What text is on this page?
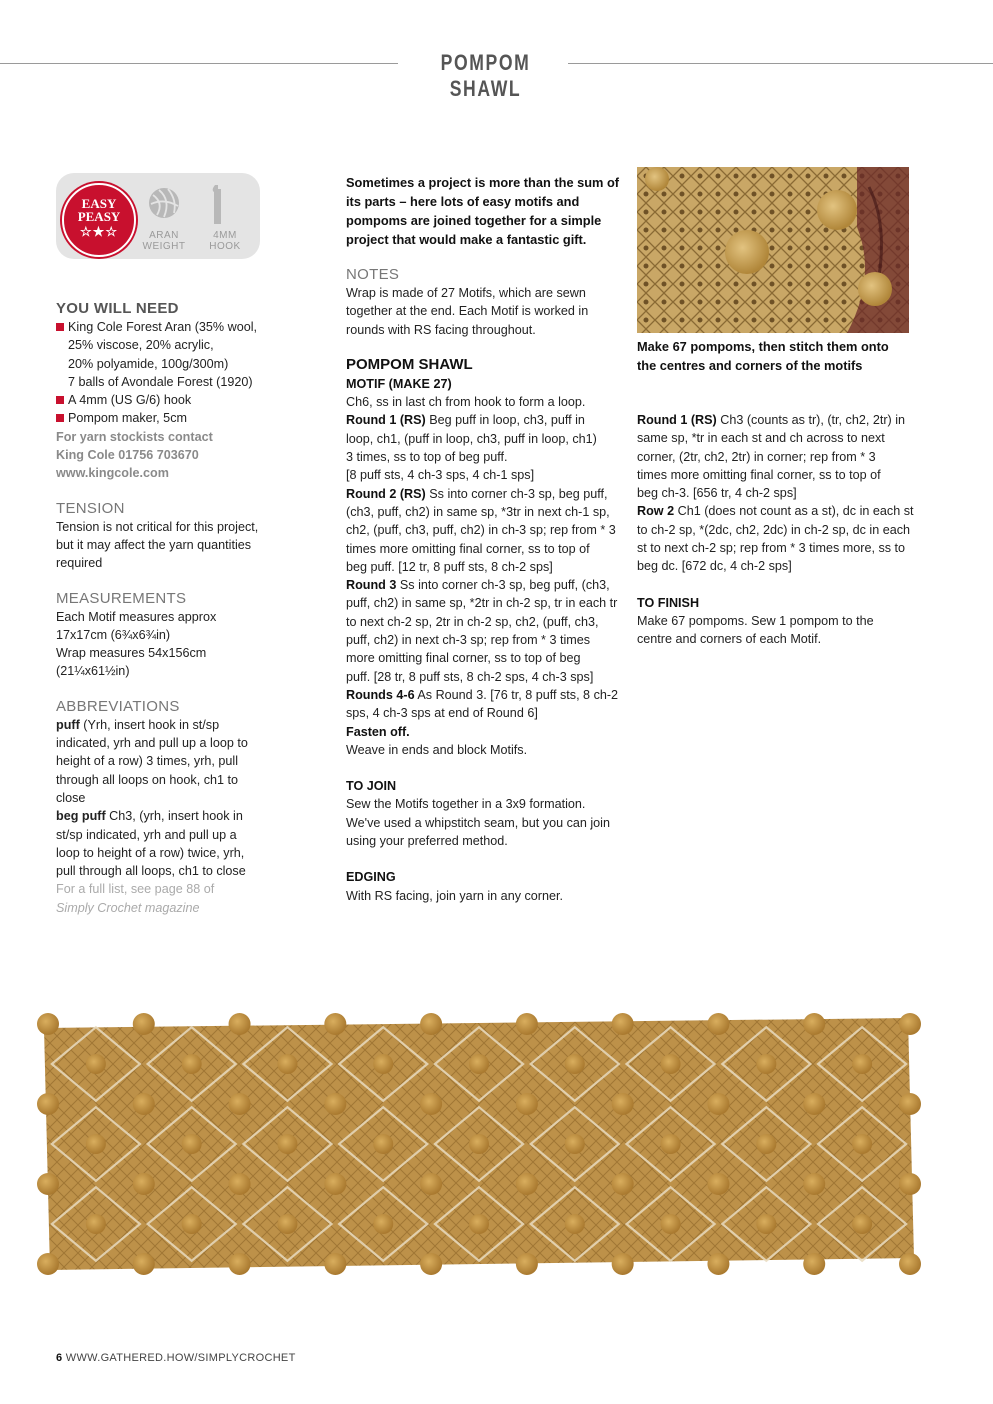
POMPOM SHAWL
EASY
PEASY
☆★☆	ARAN
WEIGHT
4MM
HOOK
YOU WILL NEED

King Cole Forest Aran (35% wool,

25% viscose, 20% acrylic,

20% polyamide, 100g/300m)

7 balls of Avondale Forest (1920)

A 4mm (US G/6) hook

Pompom maker, 5cm

For yarn stockists contact

King Cole 01756 703670

www.kingcole.com

TENSION

Tension is not critical for this project,

but it may affect the yarn quantities

required

MEASUREMENTS

Each Motif measures approx

17x17cm (6¾x6¾in)

Wrap measures 54x156cm

(21¼x61½in)

ABBREVIATIONS

puff (Yrh, insert hook in st/sp

indicated, yrh and pull up a loop to

height of a row) 3 times, yrh, pull

through all loops on hook, ch1 to

close

beg puff Ch3, (yrh, insert hook in

st/sp indicated, yrh and pull up a

loop to height of a row) twice, yrh,

pull through all loops, ch1 to close

For a full list, see page 88 of

Simply Crochet magazine

Sometimes a project is more than the sum of

its parts – here lots of easy motifs and

pompoms are joined together for a simple

project that would make a fantastic gift.

NOTES

Wrap is made of 27 Motifs, which are sewn

together at the end. Each Motif is worked in

rounds with RS facing throughout.

POMPOM SHAWL

MOTIF (MAKE 27)

Ch6, ss in last ch from hook to form a loop.

Round 1 (RS) Beg puff in loop, ch3, puff in

loop, ch1, (puff in loop, ch3, puff in loop, ch1)

3 times, ss to top of beg puff.

[8 puff sts, 4 ch-3 sps, 4 ch-1 sps]

Round 2 (RS) Ss into corner ch-3 sp, beg puff,

(ch3, puff, ch2) in same sp, *3tr in next ch-1 sp,

ch2, (puff, ch3, puff, ch2) in ch-3 sp; rep from * 3

times more omitting final corner, ss to top of

beg puff. [12 tr, 8 puff sts, 8 ch-2 sps]

Round 3 Ss into corner ch-3 sp, beg puff, (ch3,

puff, ch2) in same sp, *2tr in ch-2 sp, tr in each tr

to next ch-2 sp, 2tr in ch-2 sp, ch2, (puff, ch3,

puff, ch2) in next ch-3 sp; rep from * 3 times

more omitting final corner, ss to top of beg

puff. [28 tr, 8 puff sts, 8 ch-2 sps, 4 ch-3 sps]

Rounds 4-6 As Round 3. [76 tr, 8 puff sts, 8 ch-2

sps, 4 ch-3 sps at end of Round 6]

Fasten off.

Weave in ends and block Motifs.

TO JOIN

Sew the Motifs together in a 3x9 formation.

We've used a whipstitch seam, but you can join

using your preferred method.

EDGING

With RS facing, join yarn in any corner.

Make 67 pompoms, then stitch them onto
the centres and corners of the motifs

Round 1 (RS) Ch3 (counts as tr), (tr, ch2, 2tr) in

same sp, *tr in each st and ch across to next

corner, (2tr, ch2, 2tr) in corner; rep from * 3

times more omitting final corner, ss to top of

beg ch-3. [656 tr, 4 ch-2 sps]

Row 2 Ch1 (does not count as a st), dc in each st

to ch-2 sp, *(2dc, ch2, 2dc) in ch-2 sp, dc in each

st to next ch-2 sp; rep from * 3 times more, ss to

beg dc. [672 dc, 4 ch-2 sps]

TO FINISH

Make 67 pompoms. Sew 1 pompom to the

centre and corners of each Motif.

6 WWW.GATHERED.HOW/SIMPLYCROCHET
